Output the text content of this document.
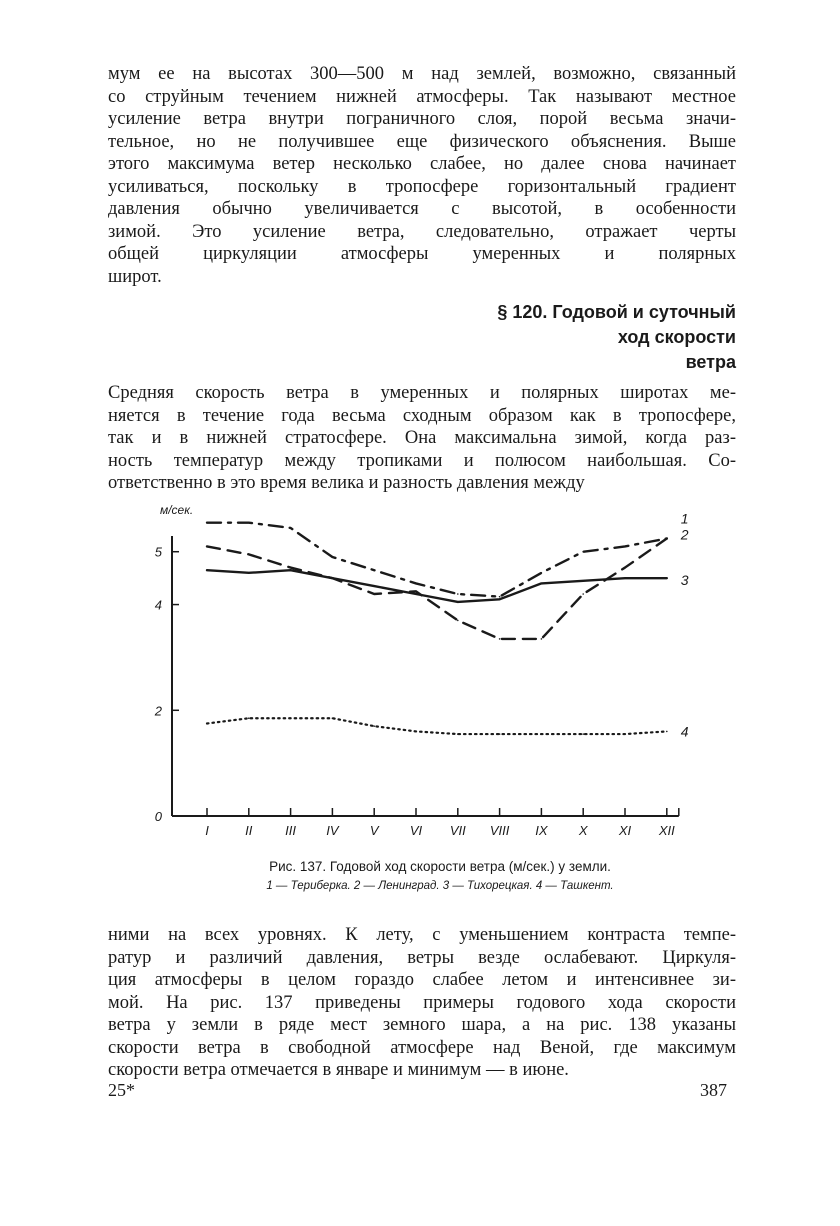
мум ее на высотах 300—500 м над землей, возможно, связанный
со струйным течением нижней атмосферы. Так называют местное
усиление ветра внутри пограничного слоя, порой весьма значи-
тельное, но не получившее еще физического объяснения. Выше
этого максимума ветер несколько слабее, но далее снова начинает
усиливаться, поскольку в тропосфере горизонтальный градиент
давления обычно увеличивается с высотой, в особенности
зимой. Это усиление ветра, следовательно, отражает черты
общей циркуляции атмосферы умеренных и полярных
широт.
§ 120. Годовой и суточный
ход скорости
ветра
Средняя скорость ветра в умеренных и полярных широтах ме-
няется в течение года весьма сходным образом как в тропосфере,
так и в нижней стратосфере. Она максимальна зимой, когда раз-
ность температур между тропиками и полюсом наибольшая. Со-
ответственно в это время велика и разность давления между
м/сек.
0
2
4
5
I	II	III IV V VI VII VIII IX X XI XII
1
2
3
4
Рис. 137. Годовой ход скорости ветра (м/сек.) у земли.
1 — Териберка. 2 — Ленинград. 3 — Тихорецкая. 4 — Ташкент.
ними на всех уровнях. К лету, с уменьшением контраста темпе-
ратур и различий давления, ветры везде ослабевают. Циркуля-
ция атмосферы в целом гораздо слабее летом и интенсивнее зи-
мой. На рис. 137 приведены примеры годового хода скорости
ветра у земли в ряде мест земного шара, а на рис. 138 указаны
скорости ветра в свободной атмосфере над Веной, где максимум
скорости ветра отмечается в январе и минимум — в июне.
25*	387
